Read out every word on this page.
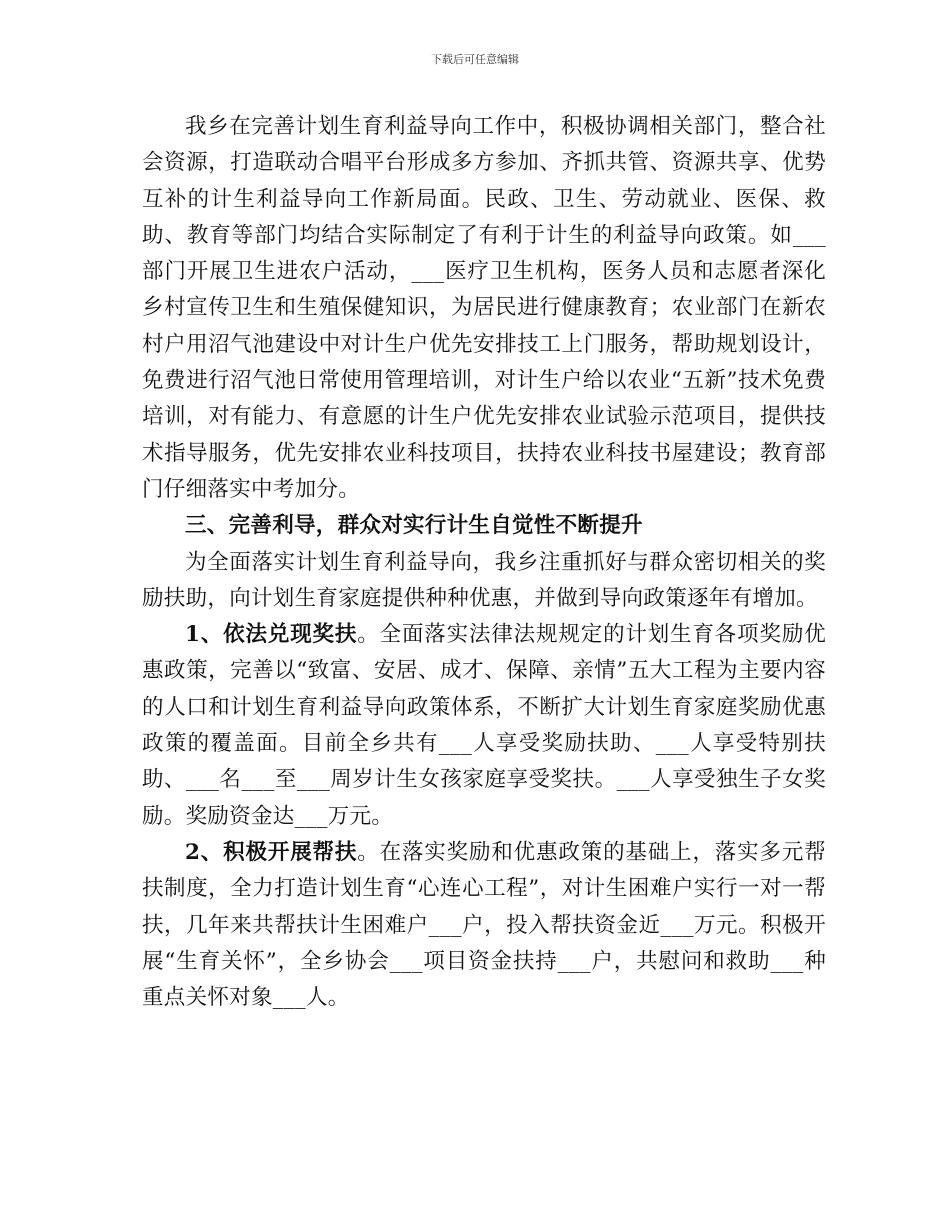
下载后可任意编辑

我乡在完善计划生育利益导向工作中，积极协调相关部门，整合社会资源，打造联动合唱平台形成多方参加、齐抓共管、资源共享、优势互补的计生利益导向工作新局面。民政、卫生、劳动就业、医保、救助、教育等部门均结合实际制定了有利于计生的利益导向政策。如___部门开展卫生进农户活动，___医疗卫生机构，医务人员和志愿者深化乡村宣传卫生和生殖保健知识，为居民进行健康教育；农业部门在新农村户用沼气池建设中对计生户优先安排技工上门服务，帮助规划设计，免费进行沼气池日常使用管理培训，对计生户给以农业“五新”技术免费培训，对有能力、有意愿的计生户优先安排农业试验示范项目，提供技术指导服务，优先安排农业科技项目，扶持农业科技书屋建设；教育部门仔细落实中考加分。

三、完善利导，群众对实行计生自觉性不断提升

为全面落实计划生育利益导向，我乡注重抓好与群众密切相关的奖励扶助，向计划生育家庭提供种种优惠，并做到导向政策逐年有增加。

1、依法兑现奖扶。全面落实法律法规规定的计划生育各项奖励优惠政策，完善以“致富、安居、成才、保障、亲情”五大工程为主要内容的人口和计划生育利益导向政策体系，不断扩大计划生育家庭奖励优惠政策的覆盖面。目前全乡共有___人享受奖励扶助、___人享受特别扶助、___名___至___周岁计生女孩家庭享受奖扶。___人享受独生子女奖励。奖励资金达___万元。

2、积极开展帮扶。在落实奖励和优惠政策的基础上，落实多元帮扶制度，全力打造计划生育“心连心工程”，对计生困难户实行一对一帮扶，几年来共帮扶计生困难户___户，投入帮扶资金近___万元。积极开展“生育关怀”，全乡协会___项目资金扶持___户，共慰问和救助___种重点关怀对象___人。
